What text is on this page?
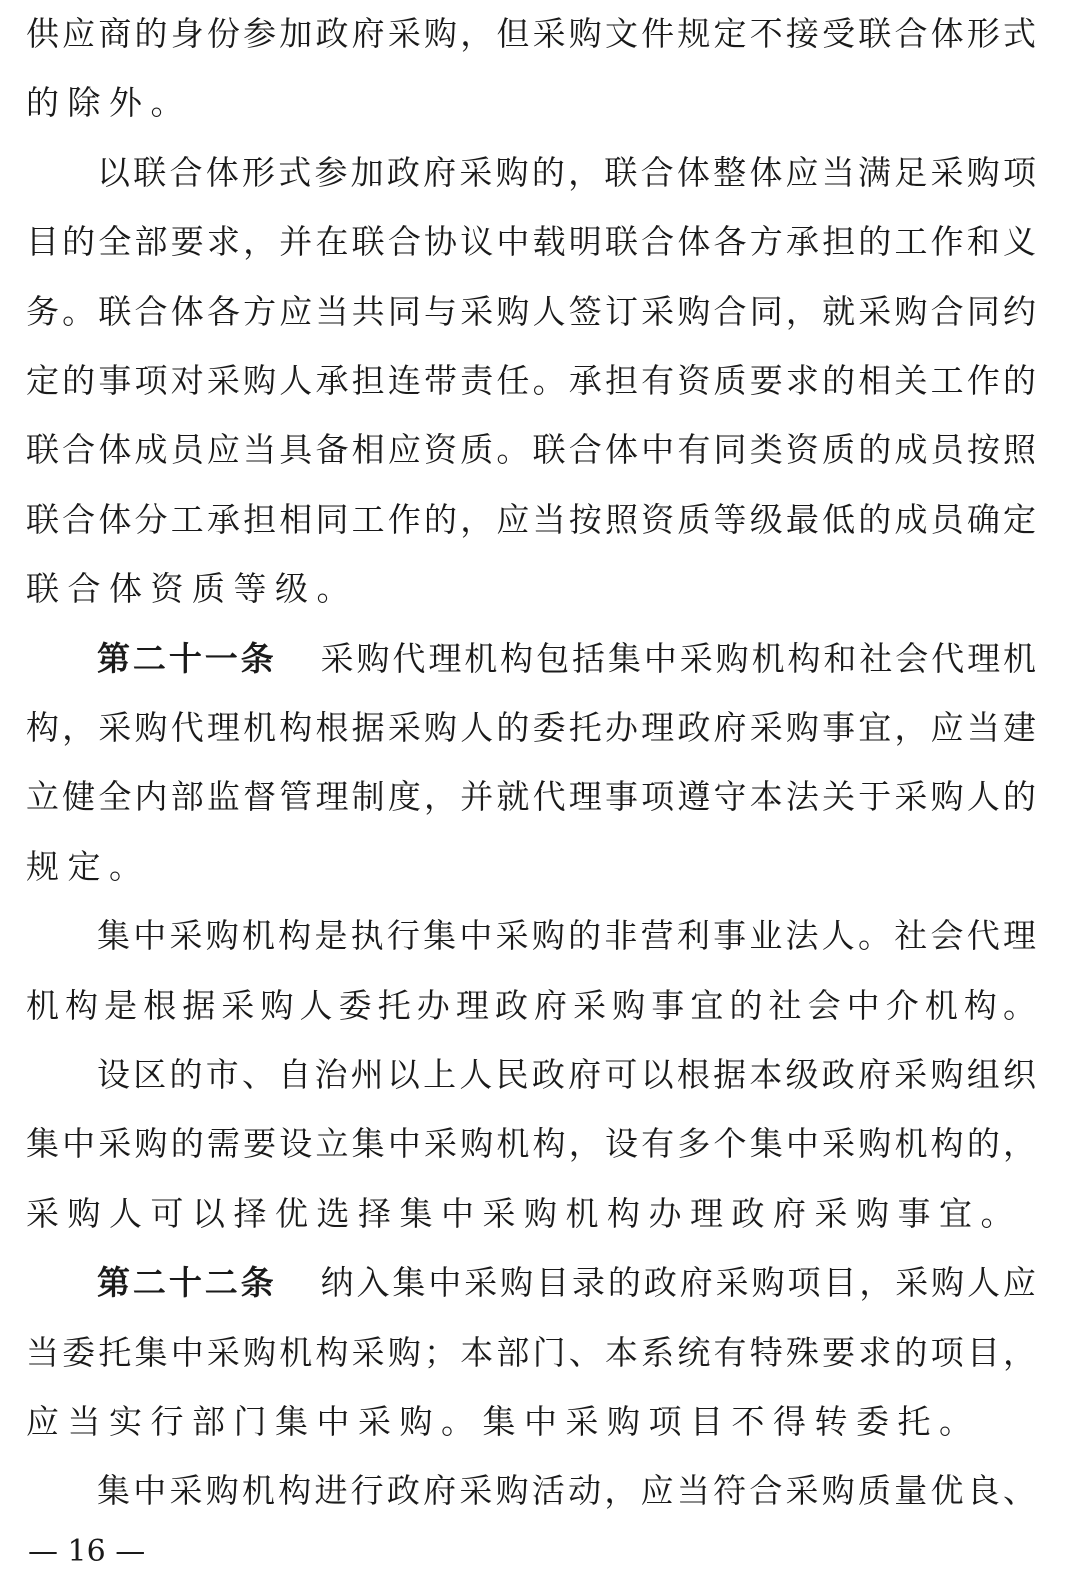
供应商的身份参加政府采购，但采购文件规定不接受联合体形式
的除外。
以联合体形式参加政府采购的，联合体整体应当满足采购项
目的全部要求，并在联合协议中载明联合体各方承担的工作和义
务。联合体各方应当共同与采购人签订采购合同，就采购合同约
定的事项对采购人承担连带责任。承担有资质要求的相关工作的
联合体成员应当具备相应资质。联合体中有同类资质的成员按照
联合体分工承担相同工作的，应当按照资质等级最低的成员确定
联合体资质等级。
第二十一条 采购代理机构包括集中采购机构和社会代理机
构，采购代理机构根据采购人的委托办理政府采购事宜，应当建
立健全内部监督管理制度，并就代理事项遵守本法关于采购人的
规定。
集中采购机构是执行集中采购的非营利事业法人。社会代理
机构是根据采购人委托办理政府采购事宜的社会中介机构。
设区的市、自治州以上人民政府可以根据本级政府采购组织
集中采购的需要设立集中采购机构，设有多个集中采购机构的，
采购人可以择优选择集中采购机构办理政府采购事宜。
第二十二条 纳入集中采购目录的政府采购项目，采购人应
当委托集中采购机构采购；本部门、本系统有特殊要求的项目，
应当实行部门集中采购。集中采购项目不得转委托。
集中采购机构进行政府采购活动，应当符合采购质量优良、
— 16 —
